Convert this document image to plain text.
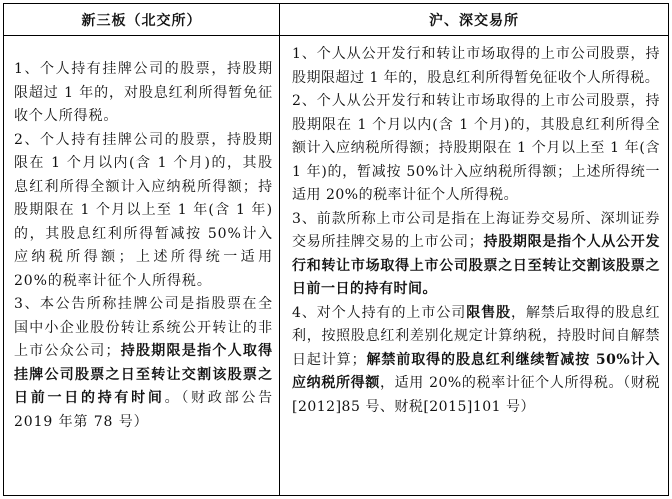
新三板（北交所）	沪、深交易所

1、个人持有挂牌公司的股票，持股期限超过 1 年的，对股息红利所得暂免征收个人所得税。

2、个人持有挂牌公司的股票，持股期限在 1 个月以内(含 1 个月)的，其股息红利所得全额计入应纳税所得额；持股期限在 1 个月以上至 1 年(含 1 年)的，其股息红利所得暂减按 50%计入应纳税所得额；上述所得统一适用 20%的税率计征个人所得税。

3、本公告所称挂牌公司是指股票在全国中小企业股份转让系统公开转让的非上市公众公司；持股期限是指个人取得挂牌公司股票之日至转让交割该股票之日前一日的持有时间。（财政部公告 2019 年第 78 号）

1、个人从公开发行和转让市场取得的上市公司股票，持股期限超过 1 年的，股息红利所得暂免征收个人所得税。

2、个人从公开发行和转让市场取得的上市公司股票，持股期限在 1 个月以内(含 1 个月)的，其股息红利所得全额计入应纳税所得额；持股期限在 1 个月以上至 1 年(含 1 年)的，暂减按 50%计入应纳税所得额；上述所得统一适用 20%的税率计征个人所得税。

3、前款所称上市公司是指在上海证券交易所、深圳证券交易所挂牌交易的上市公司；持股期限是指个人从公开发行和转让市场取得上市公司股票之日至转让交割该股票之日前一日的持有时间。

4、对个人持有的上市公司限售股，解禁后取得的股息红利，按照股息红利差别化规定计算纳税，持股时间自解禁日起计算；解禁前取得的股息红利继续暂减按 50%计入应纳税所得额，适用 20%的税率计征个人所得税。（财税[2012]85 号、财税[2015]101 号）
